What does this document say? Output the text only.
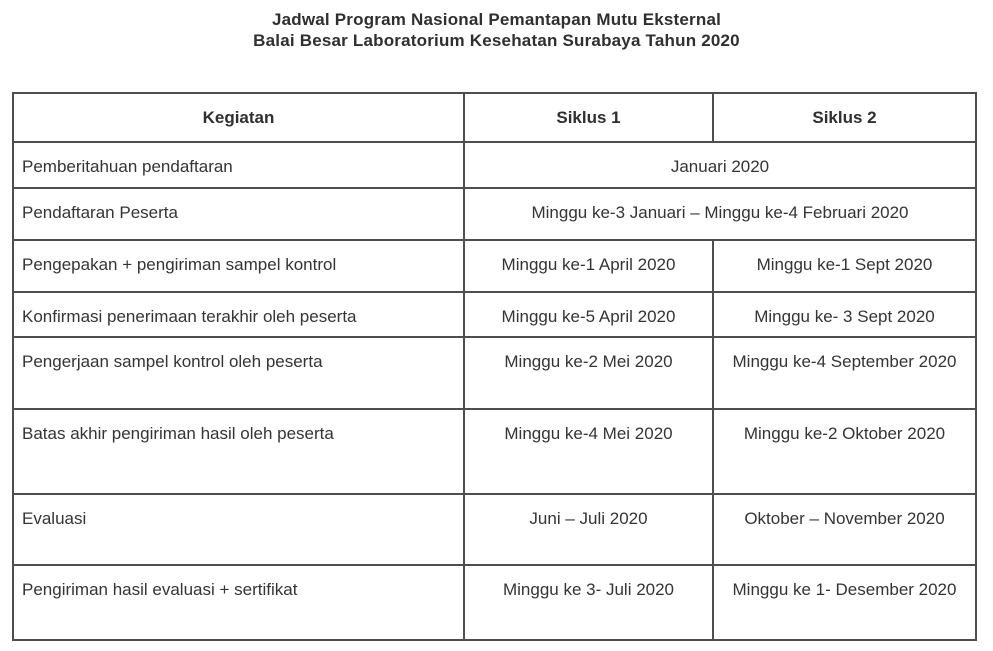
Jadwal Program Nasional Pemantapan Mutu Eksternal
Balai Besar Laboratorium Kesehatan Surabaya Tahun 2020
Kegiatan	Siklus 1	Siklus 2
Pemberitahuan pendaftaran	Januari 2020	
Pendaftaran Peserta	Minggu ke-3 Januari – Minggu ke-4 Februari 2020	
Pengepakan + pengiriman sampel kontrol	Minggu ke-1 April 2020	Minggu ke-1 Sept 2020
Konfirmasi penerimaan terakhir oleh peserta	Minggu ke-5 April 2020	Minggu ke- 3 Sept 2020
Pengerjaan sampel kontrol oleh peserta	Minggu ke-2 Mei 2020	Minggu ke-4 September 2020
Batas akhir pengiriman hasil oleh peserta	Minggu ke-4 Mei 2020	Minggu ke-2 Oktober 2020
Evaluasi	Juni – Juli 2020	Oktober – November 2020
Pengiriman hasil evaluasi + sertifikat	Minggu ke 3- Juli 2020	Minggu ke 1- Desember 2020
